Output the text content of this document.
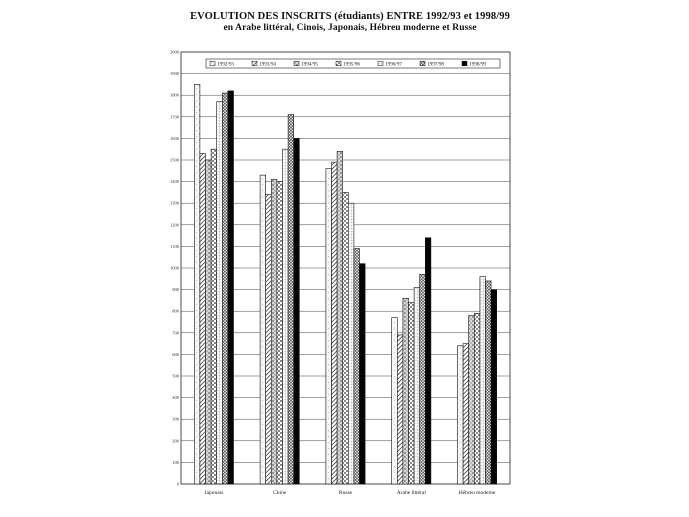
EVOLUTION DES INSCRITS (étudiants) ENTRE 1992/93 et 1998/99
en Arabe littéral, Cinois, Japonais, Hébreu moderne et Russe
0
100
200
300
400
500
600
700
800
900
1000
1100
1200
1300
1400
1500
1600
1700
1800
1900
2000
Japonais	Chine	Russe	Arabe littéral	Hébreu moderne
1992/93	1993/94	1994/95	1995/96	1996/97	1997/98	1998/99
